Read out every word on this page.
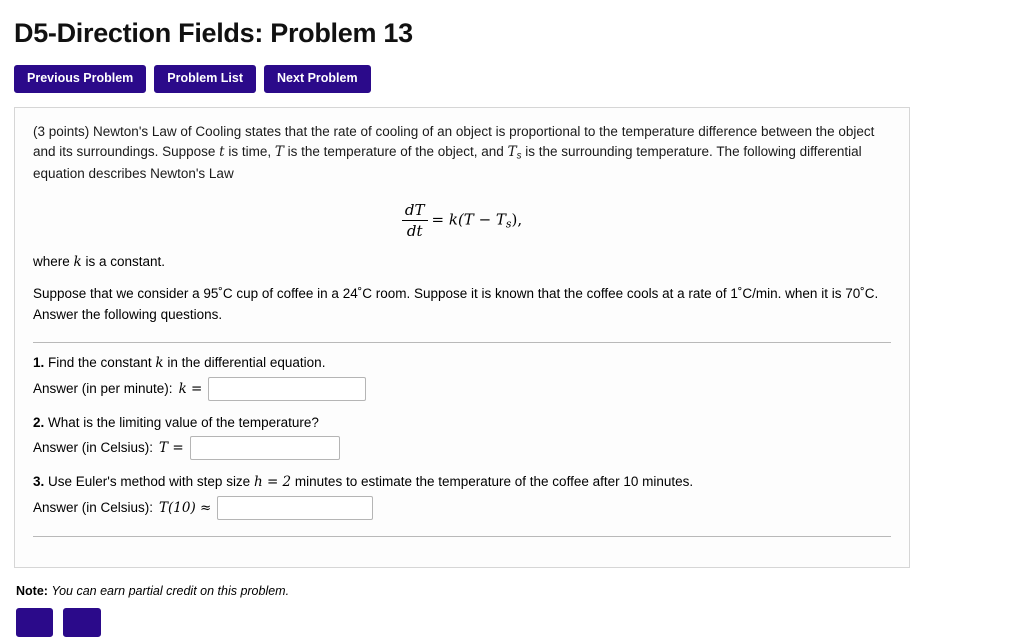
D5-Direction Fields: Problem 13
Previous Problem	Problem List	Next Problem
(3 points) Newton's Law of Cooling states that the rate of cooling of an object is proportional to the temperature difference between the object and its surroundings. Suppose t is time, T is the temperature of the object, and $T_s$ is the surrounding temperature. The following differential equation describes Newton's Law
$\frac{dT}{dt} = k(T - T_s)$,
where k is a constant.
Suppose that we consider a 95˚C cup of coffee in a 24˚C room. Suppose it is known that the coffee cools at a rate of 1˚C/min. when it is 70˚C. Answer the following questions.
1. Find the constant k in the differential equation.
Answer (in per minute): k =
2. What is the limiting value of the temperature?
Answer (in Celsius): T =
3. Use Euler's method with step size h = 2 minutes to estimate the temperature of the coffee after 10 minutes.
Answer (in Celsius): T(10) ≈
Note: You can earn partial credit on this problem.
